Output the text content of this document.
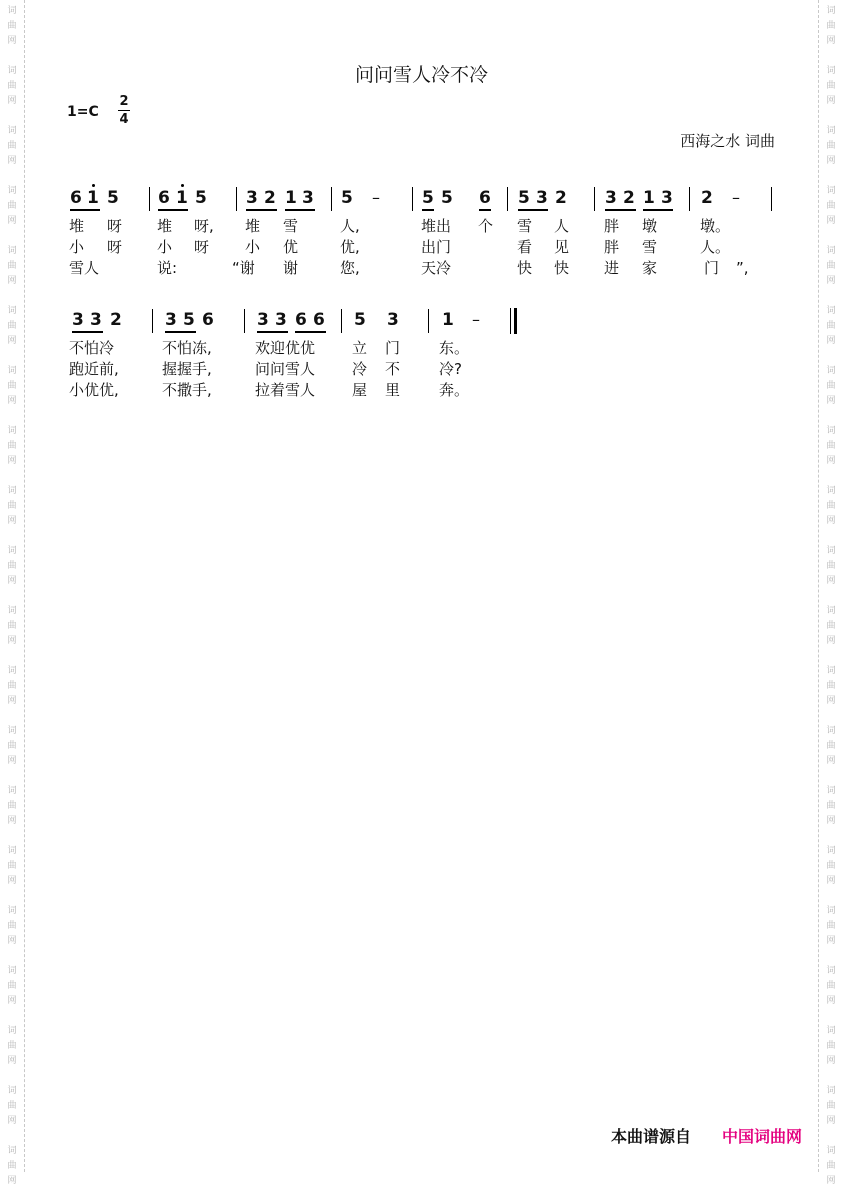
词
曲
网
词
曲
网
词
曲
网
词
曲
网
词
曲
网
词
曲
网
词
曲
网
词
曲
网
词
曲
网
词
曲
网
词
曲
网
词
曲
网
词
曲
网
词
曲
网
词
曲
网
词
曲
网
词
曲
网
词
曲
网
词
曲
网
词
曲
网
词
曲
网
词
曲
网
词
曲
网
词
曲
网
词
曲
网
词
曲
网
词
曲
网
词
曲
网
词
曲
网
词
曲
网
词
曲
网
词
曲
网
词
曲
网
词
曲
网
词
曲
网
词
曲
网
词
曲
网
词
曲
网
词
曲
网
词
曲
网
问问雪人冷不冷
1=C
2
4
西海之水 词曲
6 1 5 6 1 5 3 2 1 3 5	5 5 6 5 3 2 3 2 1 3 2
–	–
堆 呀 堆 呀, 堆 雪	人,	堆出 个 雪 人 胖 墩	墩。
小 呀 小 呀 小 优	优,	出门	看 见 胖 雪	人。
雪人	说:	“谢 谢	您,	天冷	快 快 进 家	门 ”,
3 3 2	3 5 6	3 3 6 6 5 3	1 –
不怕冷	不怕冻,	欢迎优优 立 门	东。
跑近前,	握握手,	问问雪人 冷 不	冷?
小优优,	不撒手,	拉着雪人 屋 里	奔。
本曲谱源自 中国词曲网
